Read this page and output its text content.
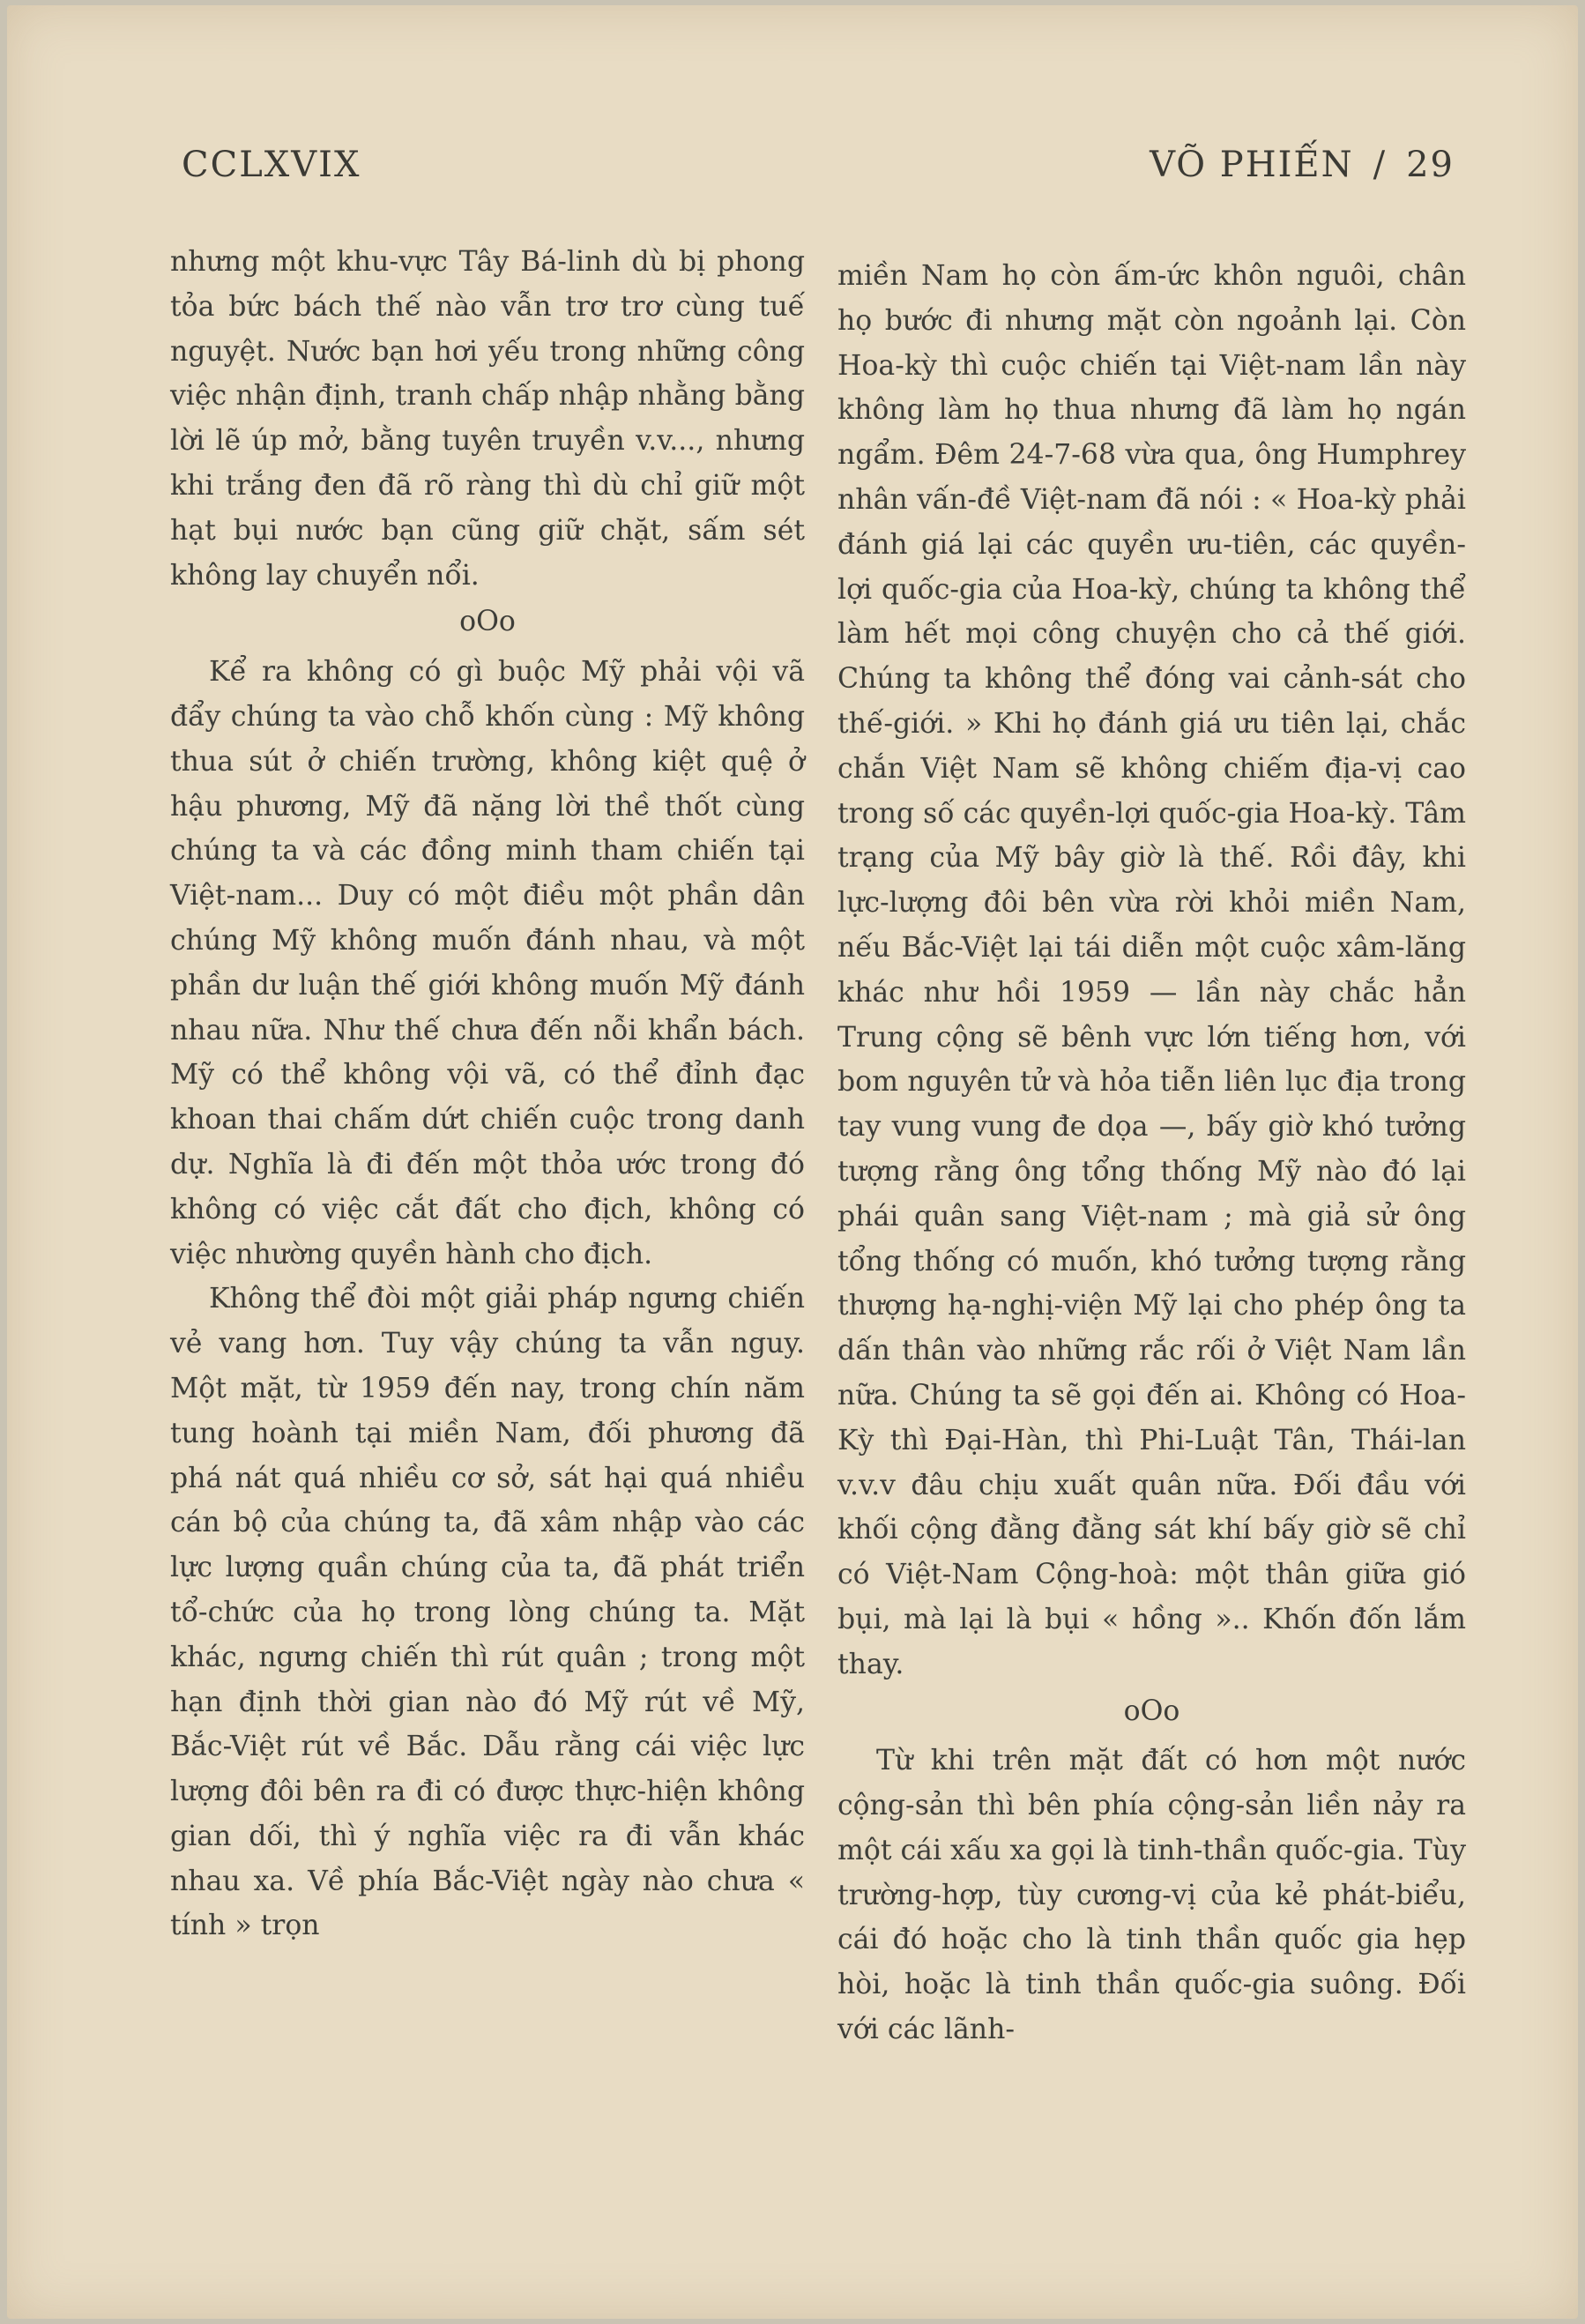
CCLXVIX	VÕ PHIẾN / 29

nhưng một khu-vực Tây Bá-linh dù bị phong tỏa bức bách thế nào vẫn trơ trơ cùng tuế nguyệt. Nước bạn hơi yếu trong những công việc nhận định, tranh chấp nhập nhằng bằng lời lẽ úp mở, bằng tuyên truyền v.v..., nhưng khi trắng đen đã rõ ràng thì dù chỉ giữ một hạt bụi nước bạn cũng giữ chặt, sấm sét không lay chuyển nổi.

oOo

Kể ra không có gì buộc Mỹ phải vội vã đẩy chúng ta vào chỗ khốn cùng : Mỹ không thua sút ở chiến trường, không kiệt quệ ở hậu phương, Mỹ đã nặng lời thề thốt cùng chúng ta và các đồng minh tham chiến tại Việt-nam... Duy có một điều một phần dân chúng Mỹ không muốn đánh nhau, và một phần dư luận thế giới không muốn Mỹ đánh nhau nữa. Như thế chưa đến nỗi khẩn bách. Mỹ có thể không vội vã, có thể đỉnh đạc khoan thai chấm dứt chiến cuộc trong danh dự. Nghĩa là đi đến một thỏa ước trong đó không có việc cắt đất cho địch, không có việc nhường quyền hành cho địch.

Không thể đòi một giải pháp ngưng chiến vẻ vang hơn. Tuy vậy chúng ta vẫn nguy. Một mặt, từ 1959 đến nay, trong chín năm tung hoành tại miền Nam, đối phương đã phá nát quá nhiều cơ sở, sát hại quá nhiều cán bộ của chúng ta, đã xâm nhập vào các lực lượng quần chúng của ta, đã phát triển tổ-chức của họ trong lòng chúng ta. Mặt khác, ngưng chiến thì rút quân ; trong một hạn định thời gian nào đó Mỹ rút về Mỹ, Bắc-Việt rút về Bắc. Dẫu rằng cái việc lực lượng đôi bên ra đi có được thực-hiện không gian dối, thì ý nghĩa việc ra đi vẫn khác nhau xa. Về phía Bắc-Việt ngày nào chưa « tính » trọn

miền Nam họ còn ấm-ức khôn nguôi, chân họ bước đi nhưng mặt còn ngoảnh lại. Còn Hoa-kỳ thì cuộc chiến tại Việt-nam lần này không làm họ thua nhưng đã làm họ ngán ngẩm. Đêm 24-7-68 vừa qua, ông Humphrey nhân vấn-đề Việt-nam đã nói : « Hoa-kỳ phải đánh giá lại các quyền ưu-tiên, các quyền-lợi quốc-gia của Hoa-kỳ, chúng ta không thể làm hết mọi công chuyện cho cả thế giới. Chúng ta không thể đóng vai cảnh-sát cho thế-giới. » Khi họ đánh giá ưu tiên lại, chắc chắn Việt Nam sẽ không chiếm địa-vị cao trong số các quyền-lợi quốc-gia Hoa-kỳ. Tâm trạng của Mỹ bây giờ là thế. Rồi đây, khi lực-lượng đôi bên vừa rời khỏi miền Nam, nếu Bắc-Việt lại tái diễn một cuộc xâm-lăng khác như hồi 1959 — lần này chắc hẳn Trung cộng sẽ bênh vực lớn tiếng hơn, với bom nguyên tử và hỏa tiễn liên lục địa trong tay vung vung đe dọa —, bấy giờ khó tưởng tượng rằng ông tổng thống Mỹ nào đó lại phái quân sang Việt-nam ; mà giả sử ông tổng thống có muốn, khó tưởng tượng rằng thượng hạ-nghị-viện Mỹ lại cho phép ông ta dấn thân vào những rắc rối ở Việt Nam lần nữa. Chúng ta sẽ gọi đến ai. Không có Hoa-Kỳ thì Đại-Hàn, thì Phi-Luật Tân, Thái-lan v.v.v đâu chịu xuất quân nữa. Đối đầu với khối cộng đằng đằng sát khí bấy giờ sẽ chỉ có Việt-Nam Cộng-hoà: một thân giữa gió bụi, mà lại là bụi « hồng ».. Khốn đốn lắm thay.

oOo

Từ khi trên mặt đất có hơn một nước cộng-sản thì bên phía cộng-sản liền nảy ra một cái xấu xa gọi là tinh-thần quốc-gia. Tùy trường-hợp, tùy cương-vị của kẻ phát-biểu, cái đó hoặc cho là tinh thần quốc gia hẹp hòi, hoặc là tinh thần quốc-gia suông. Đối với các lãnh-
